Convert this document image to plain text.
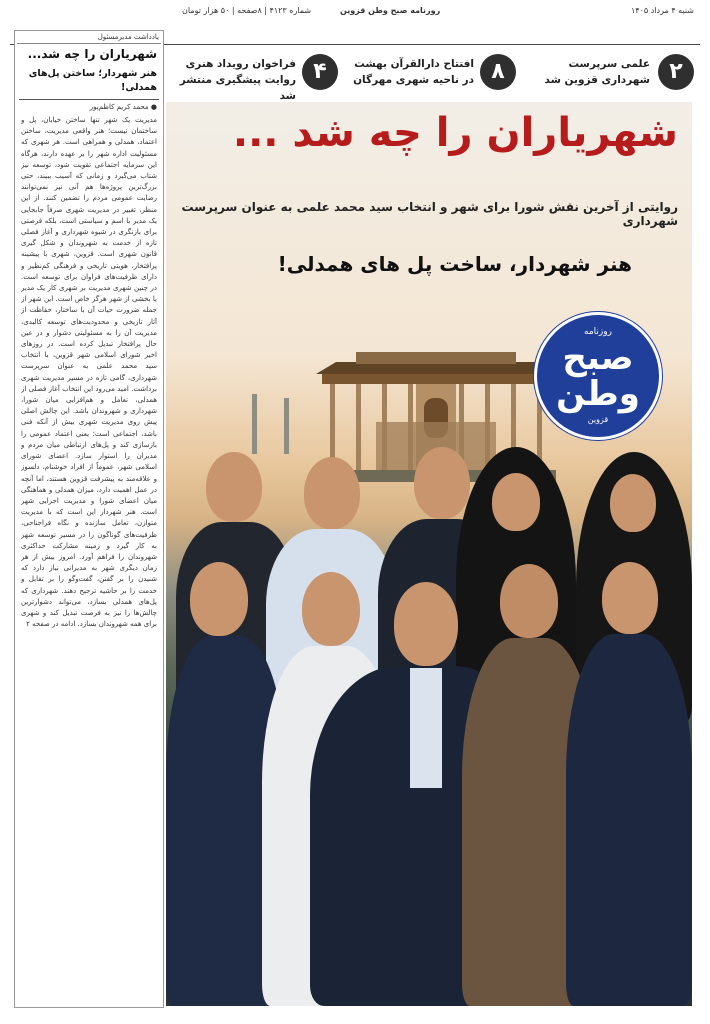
شنبه ۴ مرداد ۱۴۰۵
روزنامه صبح وطن قزوین
شماره ۴۱۲۳ | ۸صفحه | ۵۰ هزار تومان
۲
علمی سرپرست شهرداری قزوین شد
۸
افتتاح دارالقرآن بهشت در ناحیه شهری مهرگان
۴
فراخوان رویداد هنری روایت پیشگیری منتشر شد
یادداشت مدیرمسئول
شهریاران را چه شد...
هنر شهردار؛ ساختن پل‌های همدلی!
● محمد کریم کاظم‌پور
مدیریت یک شهر تنها ساختن خیابان، پل و ساختمان نیست؛ هنر واقعی مدیریت، ساختن اعتماد، همدلی و همراهی است. هر شهری که مسئولیت اداره شهر را بر عهده دارند، هرگاه این سرمایه اجتماعی تقویت شود، توسعه نیز شتاب می‌گیرد و زمانی که آسیب ببیند، حتی بزرگ‌ترین پروژه‌ها هم آنی نیز نمی‌توانند رضایت عمومی مردم را تضمین کنند. از این منظر، تغییر در مدیریت شهری صرفاً جابجایی یک مدیر با اسم و سیاستی است، بلکه فرصتی برای بازنگری در شیوه شهرداری و آغاز فصلی تازه از خدمت به شهروندان و شکل گیری قانون شهری است. قزوین، شهری با پیشینه پرافتخار، هویتی تاریخی و فرهنگی کم‌نظیر و دارای ظرفیت‌های فراوان برای توسعه است. در چنین شهری مدیریت بر شهری کار یک مدیر یا بخشی از شهر هرگز خاص است. این شهر از جمله ضرورت حیات آن با ساختار، حفاظت از آثار تاریخی و محدودیت‌های توسعه کالبدی، مدیریت آن را به مسئولیتی دشوار و در عین حال پرافتخار تبدیل کرده است. در روزهای اخیر شورای اسلامی شهر قزوین، با انتخاب سید محمد علمی به عنوان سرپرست شهرداری، گامی تازه در مسیر مدیریت شهری برداشت. امید می‌رود این انتخاب آغاز فصلی از همدلی، تعامل و هم‌افزایی میان شورا، شهرداری و شهروندان باشد. این چالش اصلی پیش روی مدیریت شهری بیش از آنکه فنی باشد، اجتماعی است؛ یعنی اعتماد عمومی را بازسازی کند و پل‌های ارتباطی میان مردم و مدیران را استوار سازد. اعضای شورای اسلامی شهر، عموماً از افراد خوشنام، دلسوز و علاقه‌مند به پیشرفت قزوین هستند، اما آنچه در عمل اهمیت دارد، میزان همدلی و هماهنگی میان اعضای شورا و مدیریت اجرایی شهر است. هنر شهردار این است که با مدیریت متوازن، تعامل سازنده و نگاه فراجناحی، ظرفیت‌های گوناگون را در مسیر توسعه شهر به کار گیرد و زمینه مشارکت حداکثری شهروندان را فراهم آورد. امروز بیش از هر زمان دیگری شهر به مدیرانی نیاز دارد که شنیدن را بر گفتن، گفت‌وگو را بر تقابل و خدمت را بر حاشیه ترجیح دهند. شهرداری که پل‌های همدلی بسازد، می‌تواند دشوارترین چالش‌ها را نیز به فرصت تبدیل کند و شهری برای همه شهروندان بسازد. ادامه در صفحه ۲
شهریاران را چه شد ...
روایتی از آخرین نقش شورا برای شهر و انتخاب سید محمد علمی به عنوان سرپرست شهرداری
هنر شهردار، ساخت پل های همدلی!
روزنامه
صبح
وطن
قزوین
